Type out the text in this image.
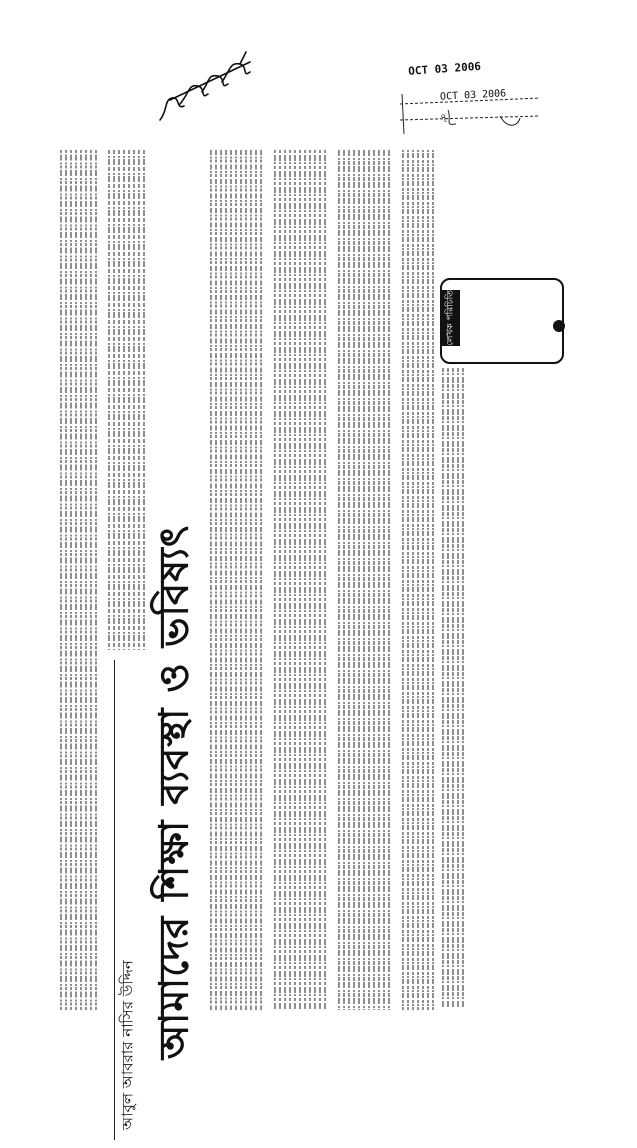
OCT 03 2006
OCT 03 2006
৭
আমাদের শিক্ষা ব্যবস্থা ও ভবিষ্যৎ
আবুল আবরার নাসির উদ্দিন
লেখক পরিচিতি
